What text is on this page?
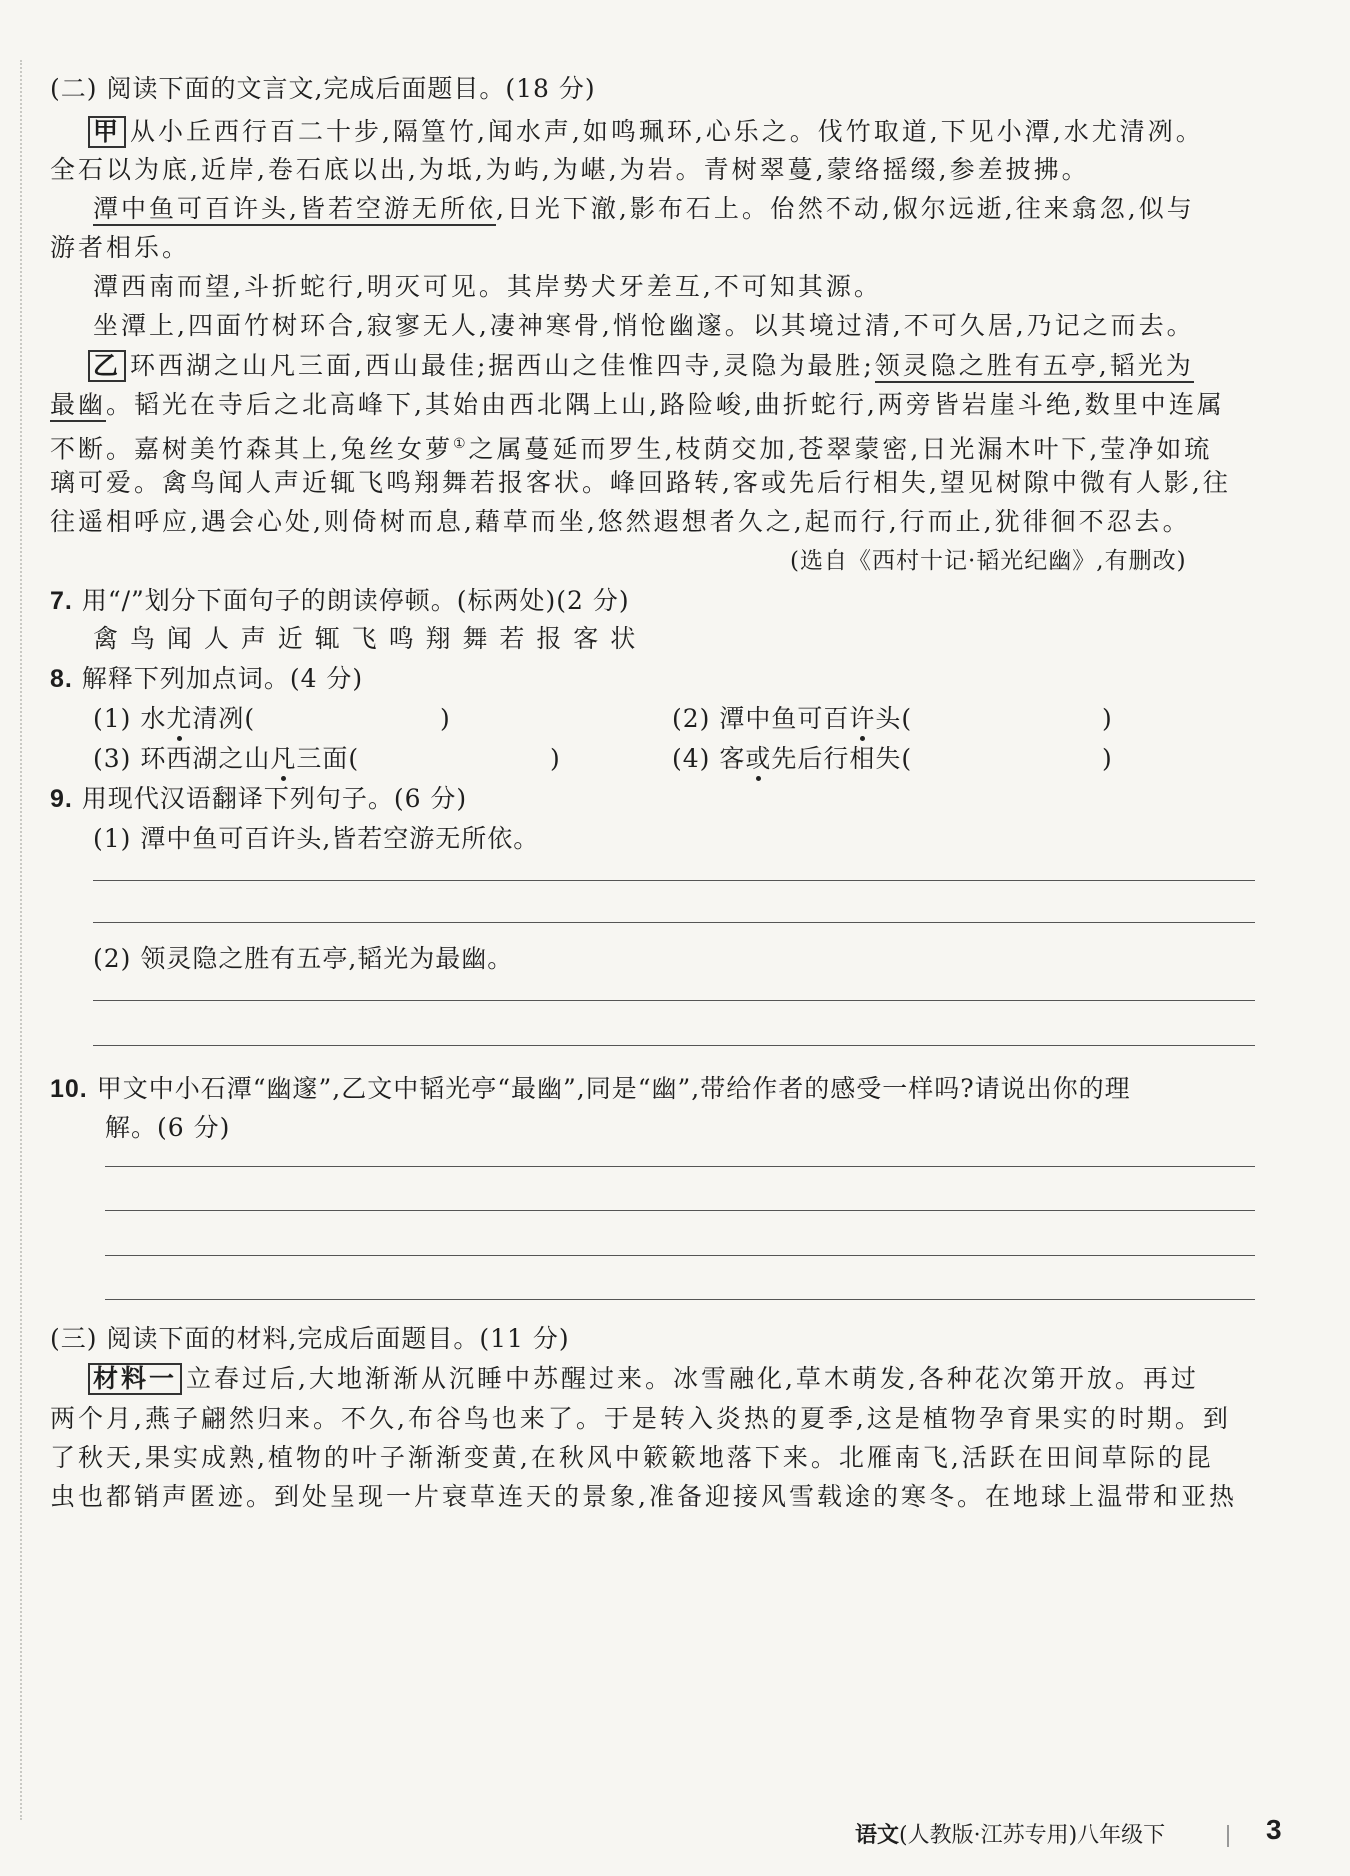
(二) 阅读下面的文言文,完成后面题目。(18 分)
甲 从小丘西行百二十步,隔篁竹,闻水声,如鸣珮环,心乐之。伐竹取道,下见小潭,水尤清冽。
全石以为底,近岸,卷石底以出,为坻,为屿,为嵁,为岩。青树翠蔓,蒙络摇缀,参差披拂。
潭中鱼可百许头,皆若空游无所依,日光下澈,影布石上。佁然不动,俶尔远逝,往来翕忽,似与
游者相乐。
潭西南而望,斗折蛇行,明灭可见。其岸势犬牙差互,不可知其源。
坐潭上,四面竹树环合,寂寥无人,凄神寒骨,悄怆幽邃。以其境过清,不可久居,乃记之而去。
乙 环西湖之山凡三面,西山最佳;据西山之佳惟四寺,灵隐为最胜;领灵隐之胜有五亭,韬光为
最幽。韬光在寺后之北高峰下,其始由西北隅上山,路险峻,曲折蛇行,两旁皆岩崖斗绝,数里中连属
不断。嘉树美竹森其上,兔丝女萝①之属蔓延而罗生,枝荫交加,苍翠蒙密,日光漏木叶下,莹净如琉
璃可爱。禽鸟闻人声近辄飞鸣翔舞若报客状。峰回路转,客或先后行相失,望见树隙中微有人影,往
往遥相呼应,遇会心处,则倚树而息,藉草而坐,悠然遐想者久之,起而行,行而止,犹徘徊不忍去。
(选自《西村十记·韬光纪幽》,有删改)
7. 用“/”划分下面句子的朗读停顿。(标两处)(2 分)
禽 鸟 闻 人 声 近 辄 飞 鸣 翔 舞 若 报 客 状
8. 解释下列加点词。(4 分)
(1) 水尤清冽(	)	(2) 潭中鱼可百许头(	)
(3) 环西湖之山凡三面(	)	(4) 客或先后行相失(	)
9. 用现代汉语翻译下列句子。(6 分)
(1) 潭中鱼可百许头,皆若空游无所依。
(2) 领灵隐之胜有五亭,韬光为最幽。
10. 甲文中小石潭“幽邃”,乙文中韬光亭“最幽”,同是“幽”,带给作者的感受一样吗?请说出你的理
解。(6 分)
(三) 阅读下面的材料,完成后面题目。(11 分)
材料一 立春过后,大地渐渐从沉睡中苏醒过来。冰雪融化,草木萌发,各种花次第开放。再过
两个月,燕子翩然归来。不久,布谷鸟也来了。于是转入炎热的夏季,这是植物孕育果实的时期。到
了秋天,果实成熟,植物的叶子渐渐变黄,在秋风中簌簌地落下来。北雁南飞,活跃在田间草际的昆
虫也都销声匿迹。到处呈现一片衰草连天的景象,准备迎接风雪载途的寒冬。在地球上温带和亚热
语文(人教版·江苏专用)八年级下	3
